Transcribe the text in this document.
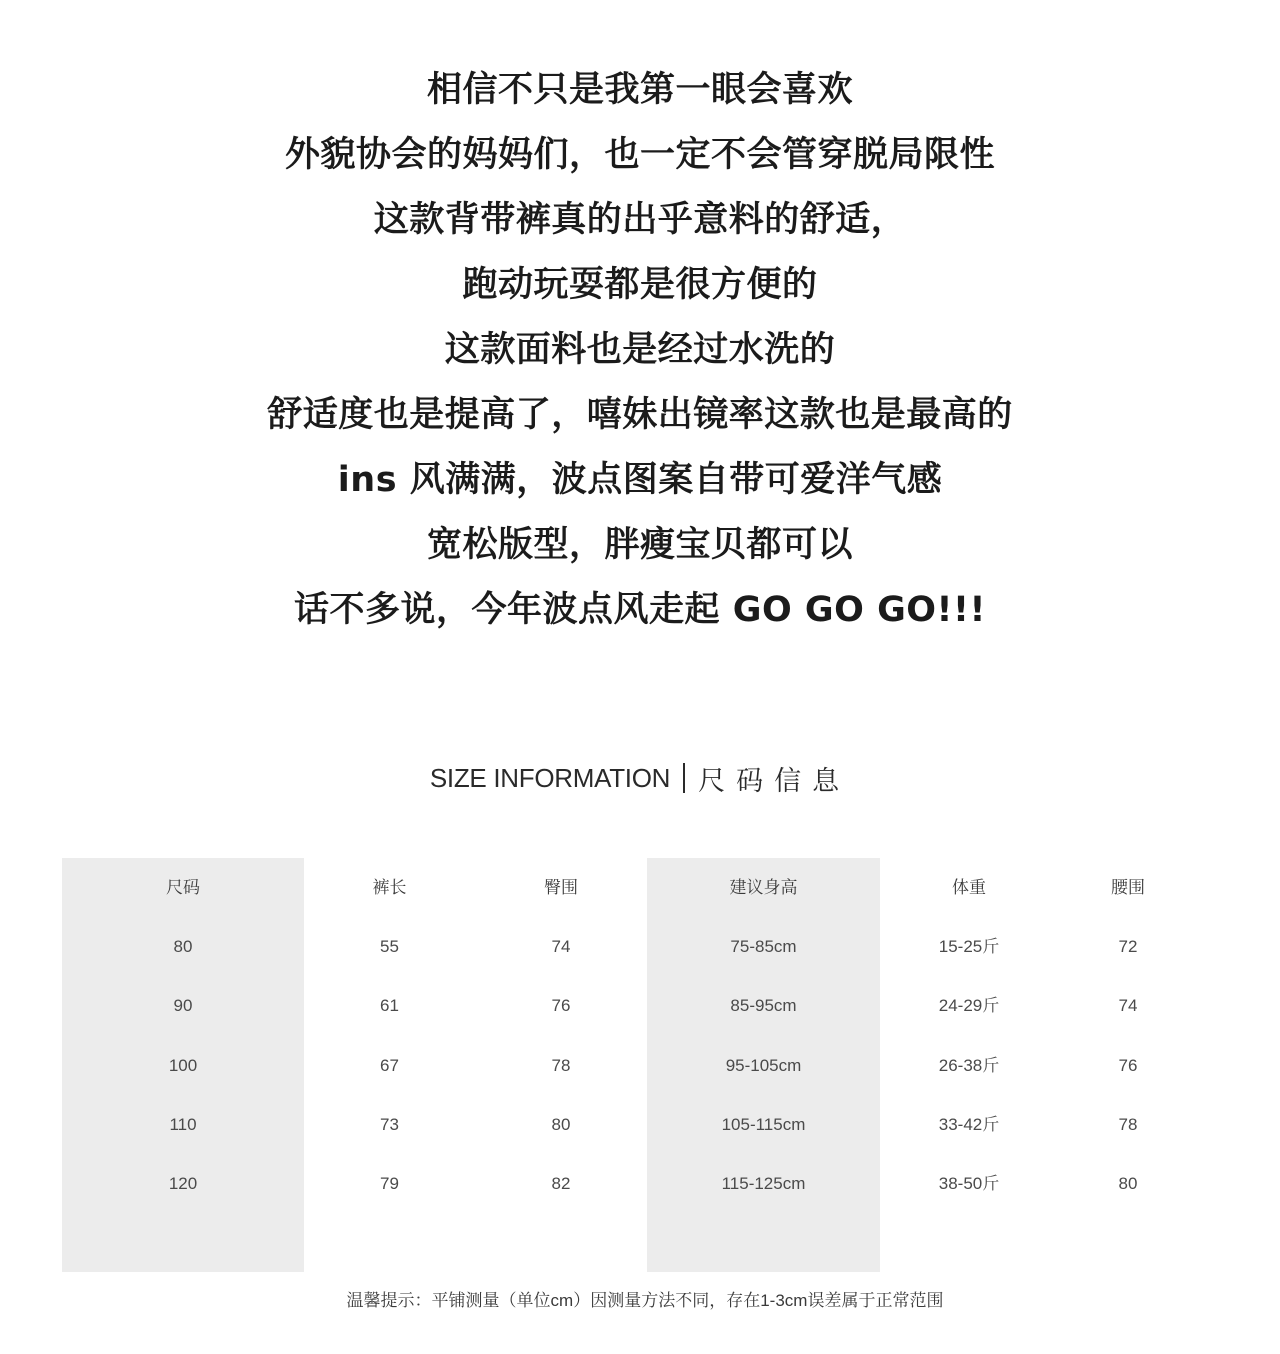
相信不只是我第一眼会喜欢
外貌协会的妈妈们，也一定不会管穿脱局限性
这款背带裤真的出乎意料的舒适，
跑动玩耍都是很方便的
这款面料也是经过水洗的
舒适度也是提高了，嘻妹出镜率这款也是最高的
ins 风满满，波点图案自带可爱洋气感
宽松版型，胖瘦宝贝都可以
话不多说，今年波点风走起 GO GO GO!!!
SIZE INFORMATION 尺码信息
尺码	裤长	臀围	建议身高	体重	腰围
80	55	74	75-85cm	15-25斤	72
90	61	76	85-95cm	24-29斤	74
100	67	78	95-105cm	26-38斤	76
110	73	80	105-115cm	33-42斤	78
120	79	82	115-125cm	38-50斤	80
温馨提示：平铺测量（单位cm）因测量方法不同，存在1-3cm误差属于正常范围
